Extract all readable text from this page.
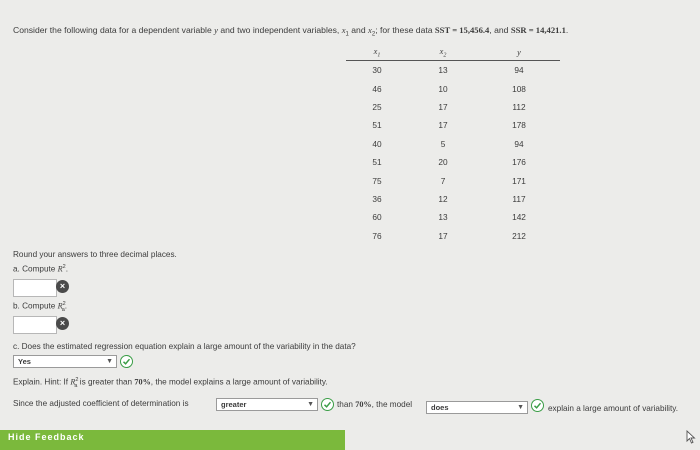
Consider the following data for a dependent variable y and two independent variables, $x_1$ and $x_2$; for these data SST = 15,456.4, and SSR = 14,421.1.
$x_1$	$x_2$	y
30	13	94
46	10	108
25	17	112
51	17	178
40	5	94
51	20	176
75	7	171
36	12	117
60	13	142
76	17	212
Round your answers to three decimal places.
a. Compute $R^2$.
×
b. Compute $R^2_a$.
×
c. Does the estimated regression equation explain a large amount of the variability in the data?
Yes	▼
Explain. Hint: If $R^2_a$ is greater than 70%, the model explains a large amount of variability.
Since the adjusted coefficient of determination is	greater	▼	than 70%, the model	does	▼	explain a large amount of variability.
Hide Feedback
